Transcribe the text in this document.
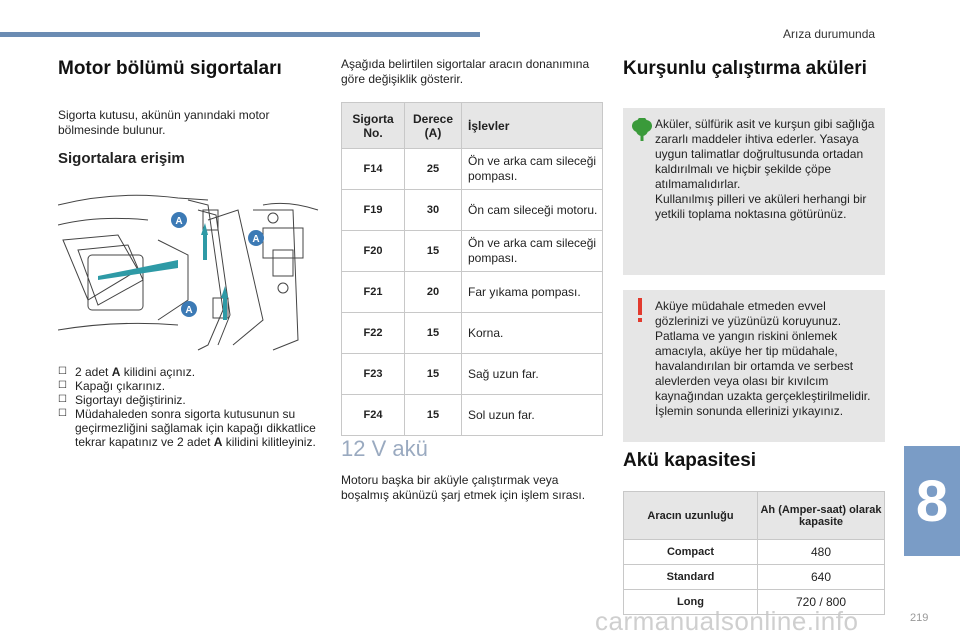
Arıza durumunda
8
219
carmanualsonline.info
Motor bölümü sigortaları
Sigorta kutusu, akünün yanındaki motor bölmesinde bulunur.
Sigortalara erişim
A
A
A
☐ 2 adet A kilidini açınız.
☐ Kapağı çıkarınız.
☐ Sigortayı değiştiriniz.
☐ Müdahaleden sonra sigorta kutusunun su geçirmezliğini sağlamak için kapağı dikkatlice tekrar kapatınız ve 2 adet A kilidini kilitleyiniz.
Aşağıda belirtilen sigortalar aracın donanımına göre değişiklik gösterir.
Sigorta No.	Derece (A)	İşlevler
F14	25	Ön ve arka cam sileceği pompası.
F19	30	Ön cam sileceği motoru.
F20	15	Ön ve arka cam sileceği pompası.
F21	20	Far yıkama pompası.
F22	15	Korna.
F23	15	Sağ uzun far.
F24	15	Sol uzun far.
12 V akü
Motoru başka bir aküyle çalıştırmak veya boşalmış akünüzü şarj etmek için işlem sırası.
Kurşunlu çalıştırma aküleri
Aküler, sülfürik asit ve kurşun gibi sağlığa zararlı maddeler ihtiva ederler. Yasaya uygun talimatlar doğrultusunda ortadan kaldırılmalı ve hiçbir şekilde çöpe atılmamalıdırlar.
Kullanılmış pilleri ve aküleri herhangi bir yetkili toplama noktasına götürünüz.
Aküye müdahale etmeden evvel gözlerinizi ve yüzünüzü koruyunuz. Patlama ve yangın riskini önlemek amacıyla, aküye her tip müdahale, havalandırılan bir ortamda ve serbest alevlerden veya olası bir kıvılcım kaynağından uzakta gerçekleştirilmelidir. İşlemin sonunda ellerinizi yıkayınız.
Akü kapasitesi
Aracın uzunluğu	Ah (Amper-saat) olarak kapasite
Compact	480
Standard	640
Long	720 / 800
